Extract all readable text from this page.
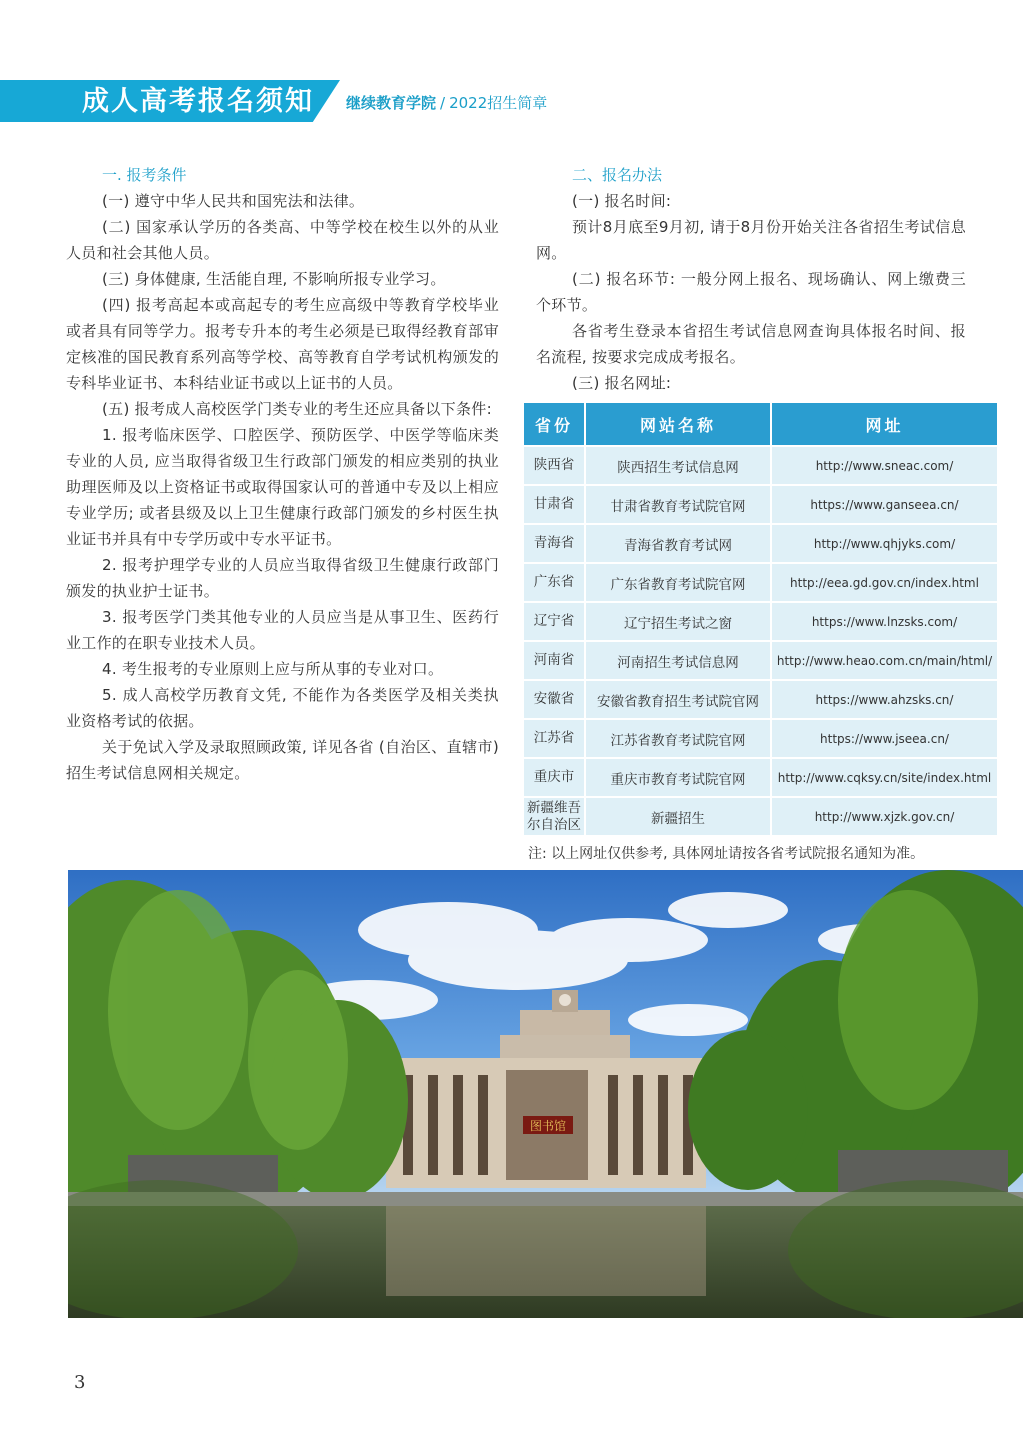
成人高考报名须知 继续教育学院 / 2022招生简章
一. 报考条件

(一) 遵守中华人民共和国宪法和法律。

(二) 国家承认学历的各类高、中等学校在校生以外的从业人员和社会其他人员。

(三) 身体健康, 生活能自理, 不影响所报专业学习。

(四) 报考高起本或高起专的考生应高级中等教育学校毕业或者具有同等学力。报考专升本的考生必须是已取得经教育部审定核准的国民教育系列高等学校、高等教育自学考试机构颁发的专科毕业证书、本科结业证书或以上证书的人员。

(五) 报考成人高校医学门类专业的考生还应具备以下条件:

1. 报考临床医学、口腔医学、预防医学、中医学等临床类专业的人员, 应当取得省级卫生行政部门颁发的相应类别的执业助理医师及以上资格证书或取得国家认可的普通中专及以上相应专业学历; 或者县级及以上卫生健康行政部门颁发的乡村医生执业证书并具有中专学历或中专水平证书。

2. 报考护理学专业的人员应当取得省级卫生健康行政部门颁发的执业护士证书。

3. 报考医学门类其他专业的人员应当是从事卫生、医药行业工作的在职专业技术人员。

4. 考生报考的专业原则上应与所从事的专业对口。

5. 成人高校学历教育文凭, 不能作为各类医学及相关类执业资格考试的依据。

关于免试入学及录取照顾政策, 详见各省 (自治区、直辖市) 招生考试信息网相关规定。

二、报名办法

(一) 报名时间:

预计8月底至9月初, 请于8月份开始关注各省招生考试信息网。

(二) 报名环节: 一般分网上报名、现场确认、网上缴费三个环节。

各省考生登录本省招生考试信息网查询具体报名时间、报名流程, 按要求完成成考报名。

(三) 报名网址:

省份	网站名称	网址
陕西省	陕西招生考试信息网	http://www.sneac.com/
甘肃省	甘肃省教育考试院官网	https://www.ganseea.cn/
青海省	青海省教育考试网	http://www.qhjyks.com/
广东省	广东省教育考试院官网	http://eea.gd.gov.cn/index.html
辽宁省	辽宁招生考试之窗	https://www.lnzsks.com/
河南省	河南招生考试信息网	http://www.heao.com.cn/main/html/
安徽省	安徽省教育招生考试院官网	https://www.ahzsks.cn/
江苏省	江苏省教育考试院官网	https://www.jseea.cn/
重庆市	重庆市教育考试院官网	http://www.cqksy.cn/site/index.html
新疆维吾尔自治区	新疆招生	http://www.xjzk.gov.cn/
注: 以上网址仅供参考, 具体网址请按各省考试院报名通知为准。
图书馆
3
